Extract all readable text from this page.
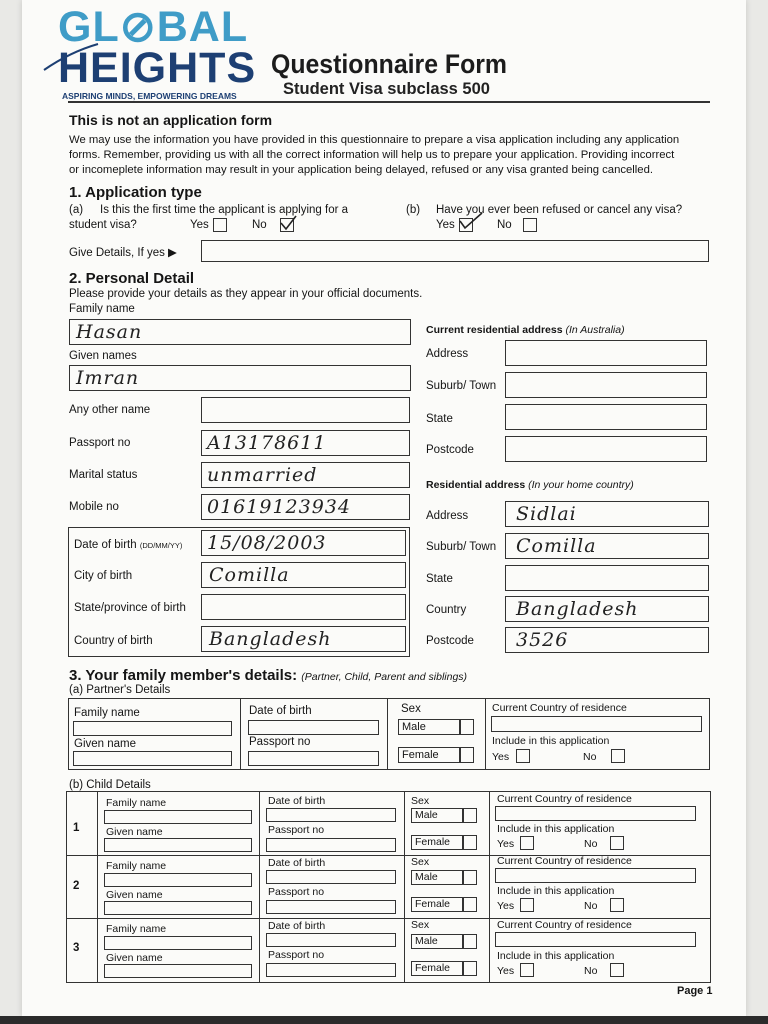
GL⊘BAL
HEIGHTS
ASPIRING MINDS, EMPOWERING DREAMS
Questionnaire Form
Student Visa subclass 500
This is not an application form
We may use the information you have provided in this questionnaire to prepare a visa application including any application
forms. Remember, providing us with all the correct information will help us to prepare your application. Providing incorrect
or incomeplete information may result in your application being delayed, refused or any visa granted being cancelled.
1. Application type
(a) Is this the first time the applicant is applying for a
student visa?	Yes	No
(b) Have you ever been refused or cancel any visa?
Yes	No
Give Details, If yes ▶
2. Personal Detail
Please provide your details as they appear in your official documents.
Family name
Hasan
Given names
Imran
Any other name
Passport no	A13178611
Marital status	unmarried
Mobile no	01619123934
Date of birth (DD/MM/YY) 15/08/2003
City of birth	Comilla
State/province of birth
Country of birth	Bangladesh
Current residential address (In Australia)
Address
Suburb/ Town
State
Postcode
Residential address (In your home country)
Address	Sidlai
Suburb/ Town Comilla
State
Country	Bangladesh
Postcode 3526
3. Your family member's details: (Partner, Child, Parent and siblings)
(a) Partner's Details
Family name
Given name
Date of birth
Passport no
Sex
Male
Female
Current Country of residence
Include in this application
Yes	No
(b) Child Details
1
Family name
Given name
Date of birth
Passport no
Sex
Male
Female
Current Country of residence
Include in this application
Yes	No
2
Family name
Given name
Date of birth
Passport no
Sex
Male
Female
Current Country of residence
Include in this application
Yes	No
3
Family name
Given name
Date of birth
Passport no
Sex
Male
Female
Current Country of residence
Include in this application
Yes	No
Page 1
